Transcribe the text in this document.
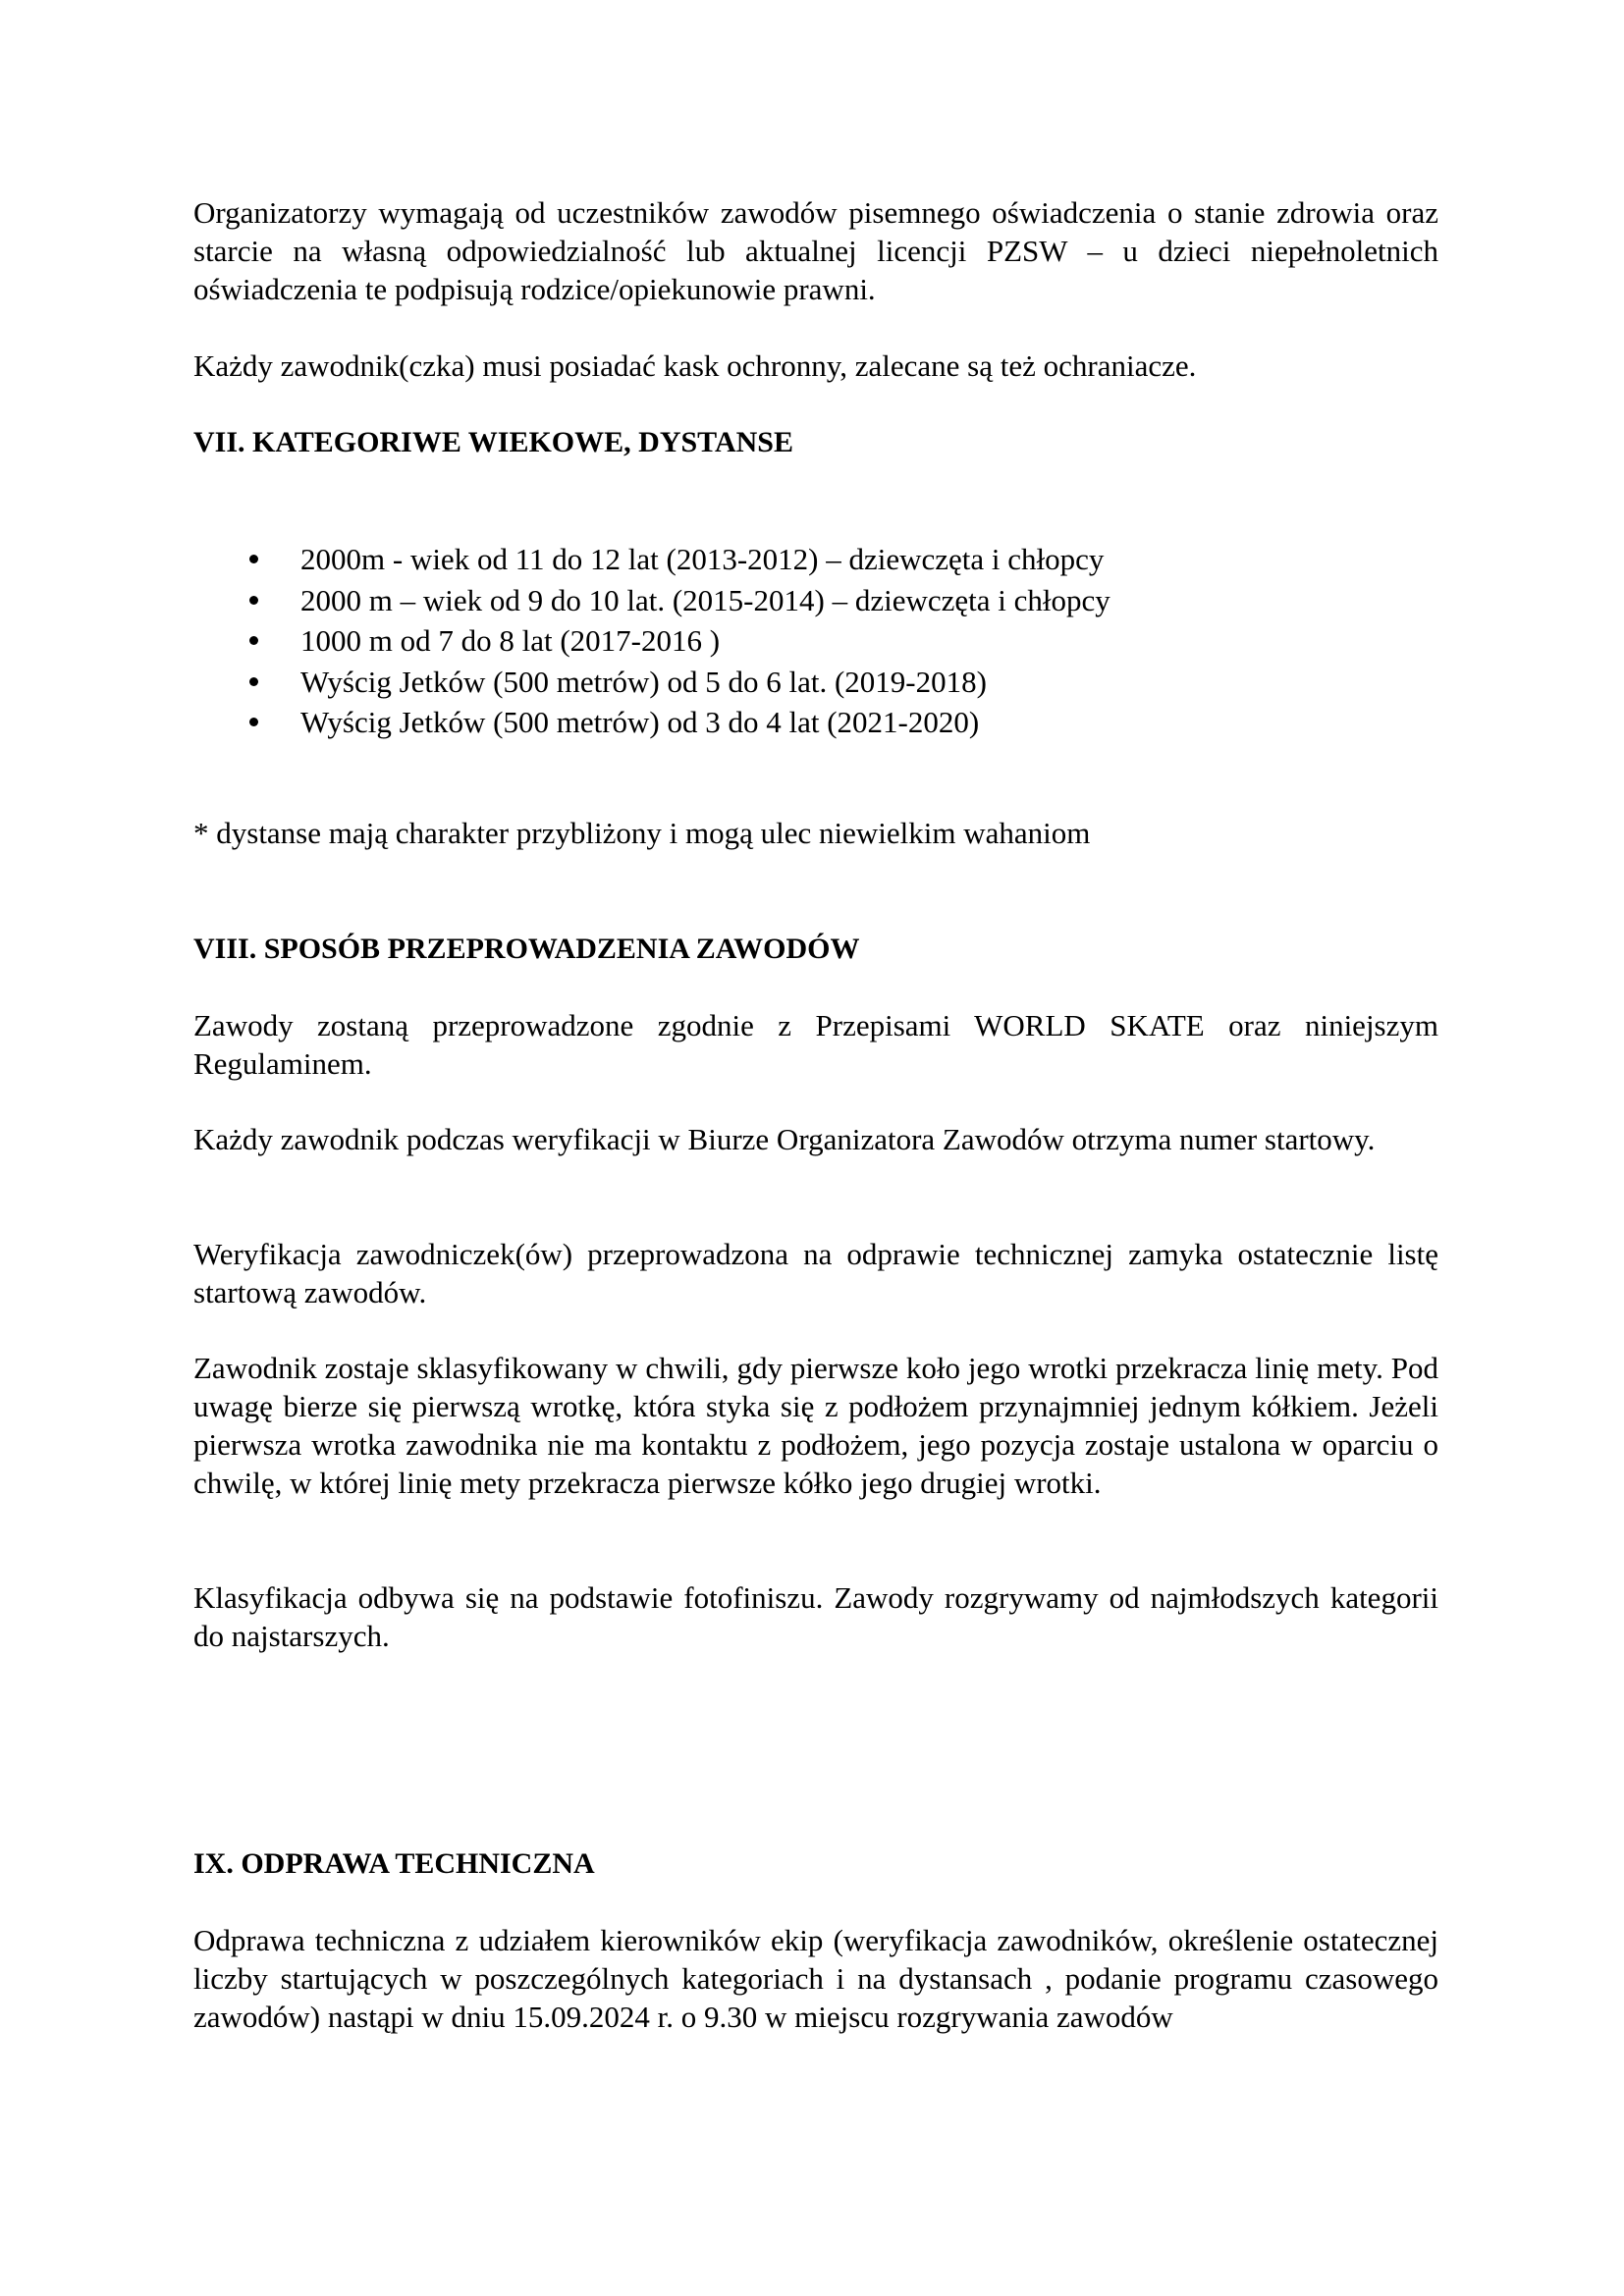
Organizatorzy wymagają od uczestników zawodów pisemnego oświadczenia o stanie zdrowia oraz starcie na własną odpowiedzialność lub aktualnej licencji PZSW – u dzieci niepełnoletnich oświadczenia te podpisują rodzice/opiekunowie prawni.

Każdy zawodnik(czka) musi posiadać kask ochronny, zalecane są też ochraniacze.

VII. KATEGORIWE WIEKOWE, DYSTANSE

2000m - wiek od 11 do 12 lat (2013-2012) – dziewczęta i chłopcy
2000 m – wiek od 9 do 10 lat. (2015-2014) – dziewczęta i chłopcy
1000 m od 7 do 8 lat (2017-2016 )
Wyścig Jetków (500 metrów) od 5 do 6 lat. (2019-2018)
Wyścig Jetków (500 metrów) od 3 do 4 lat (2021-2020)

* dystanse mają charakter przybliżony i mogą ulec niewielkim wahaniom

VIII. SPOSÓB PRZEPROWADZENIA ZAWODÓW

Zawody zostaną przeprowadzone zgodnie z Przepisami WORLD SKATE oraz niniejszym Regulaminem.

Każdy zawodnik podczas weryfikacji w Biurze Organizatora Zawodów otrzyma numer startowy.

Weryfikacja zawodniczek(ów) przeprowadzona na odprawie technicznej zamyka ostatecznie listę startową zawodów.

Zawodnik zostaje sklasyfikowany w chwili, gdy pierwsze koło jego wrotki przekracza linię mety. Pod uwagę bierze się pierwszą wrotkę, która styka się z podłożem przynajmniej jednym kółkiem. Jeżeli pierwsza wrotka zawodnika nie ma kontaktu z podłożem, jego pozycja zostaje ustalona w oparciu o chwilę, w której linię mety przekracza pierwsze kółko jego drugiej wrotki.

Klasyfikacja odbywa się na podstawie fotofiniszu. Zawody rozgrywamy od najmłodszych kategorii do najstarszych.

IX. ODPRAWA TECHNICZNA

Odprawa techniczna z udziałem kierowników ekip (weryfikacja zawodników, określenie ostatecznej liczby startujących w poszczególnych kategoriach i na dystansach , podanie programu czasowego zawodów) nastąpi w dniu 15.09.2024 r. o 9.30 w miejscu rozgrywania zawodów
